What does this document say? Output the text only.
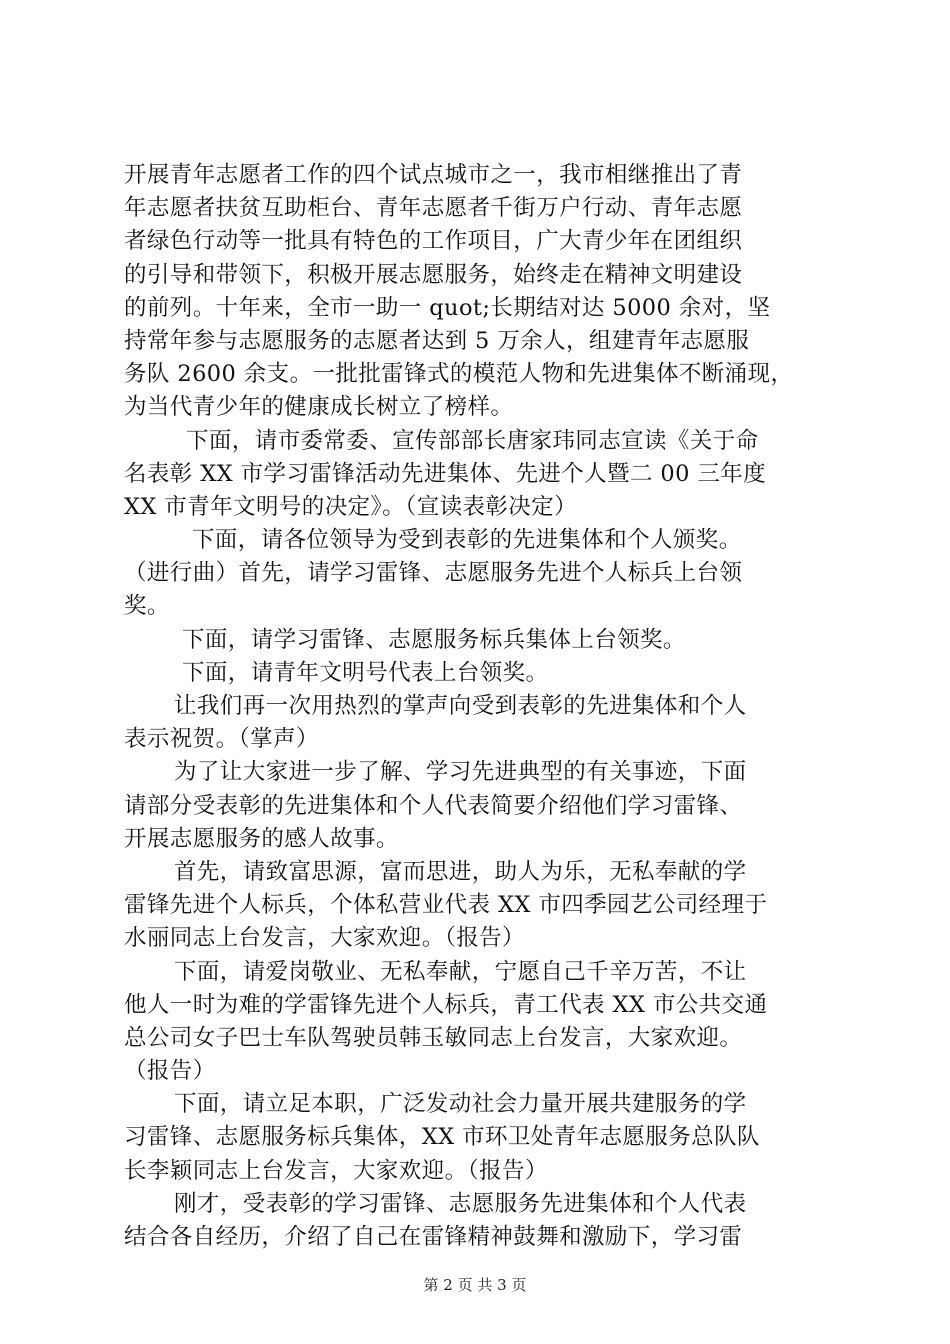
开展青年志愿者工作的四个试点城市之一，我市相继推出了青
年志愿者扶贫互助柜台、青年志愿者千街万户行动、青年志愿
者绿色行动等一批具有特色的工作项目，广大青少年在团组织
的引导和带领下，积极开展志愿服务，始终走在精神文明建设
的前列。十年来，全市一助一 quot;长期结对达 5000 余对，坚
持常年参与志愿服务的志愿者达到 5 万余人，组建青年志愿服
务队 2600 余支。一批批雷锋式的模范人物和先进集体不断涌现，
为当代青少年的健康成长树立了榜样。
下面，请市委常委、宣传部部长唐家玮同志宣读《关于命
名表彰 XX 市学习雷锋活动先进集体、先进个人暨二 00 三年度
XX 市青年文明号的决定》。（宣读表彰决定）
下面，请各位领导为受到表彰的先进集体和个人颁奖。
（进行曲）首先，请学习雷锋、志愿服务先进个人标兵上台领
奖。
下面，请学习雷锋、志愿服务标兵集体上台领奖。
下面，请青年文明号代表上台领奖。
让我们再一次用热烈的掌声向受到表彰的先进集体和个人
表示祝贺。（掌声）
为了让大家进一步了解、学习先进典型的有关事迹，下面
请部分受表彰的先进集体和个人代表简要介绍他们学习雷锋、
开展志愿服务的感人故事。
首先，请致富思源，富而思进，助人为乐，无私奉献的学
雷锋先进个人标兵，个体私营业代表 XX 市四季园艺公司经理于
水丽同志上台发言，大家欢迎。（报告）
下面，请爱岗敬业、无私奉献，宁愿自己千辛万苦，不让
他人一时为难的学雷锋先进个人标兵，青工代表 XX 市公共交通
总公司女子巴士车队驾驶员韩玉敏同志上台发言，大家欢迎。
（报告）
下面，请立足本职，广泛发动社会力量开展共建服务的学
习雷锋、志愿服务标兵集体，XX 市环卫处青年志愿服务总队队
长李颖同志上台发言，大家欢迎。（报告）
刚才，受表彰的学习雷锋、志愿服务先进集体和个人代表
结合各自经历，介绍了自己在雷锋精神鼓舞和激励下，学习雷
第 2 页 共 3 页
